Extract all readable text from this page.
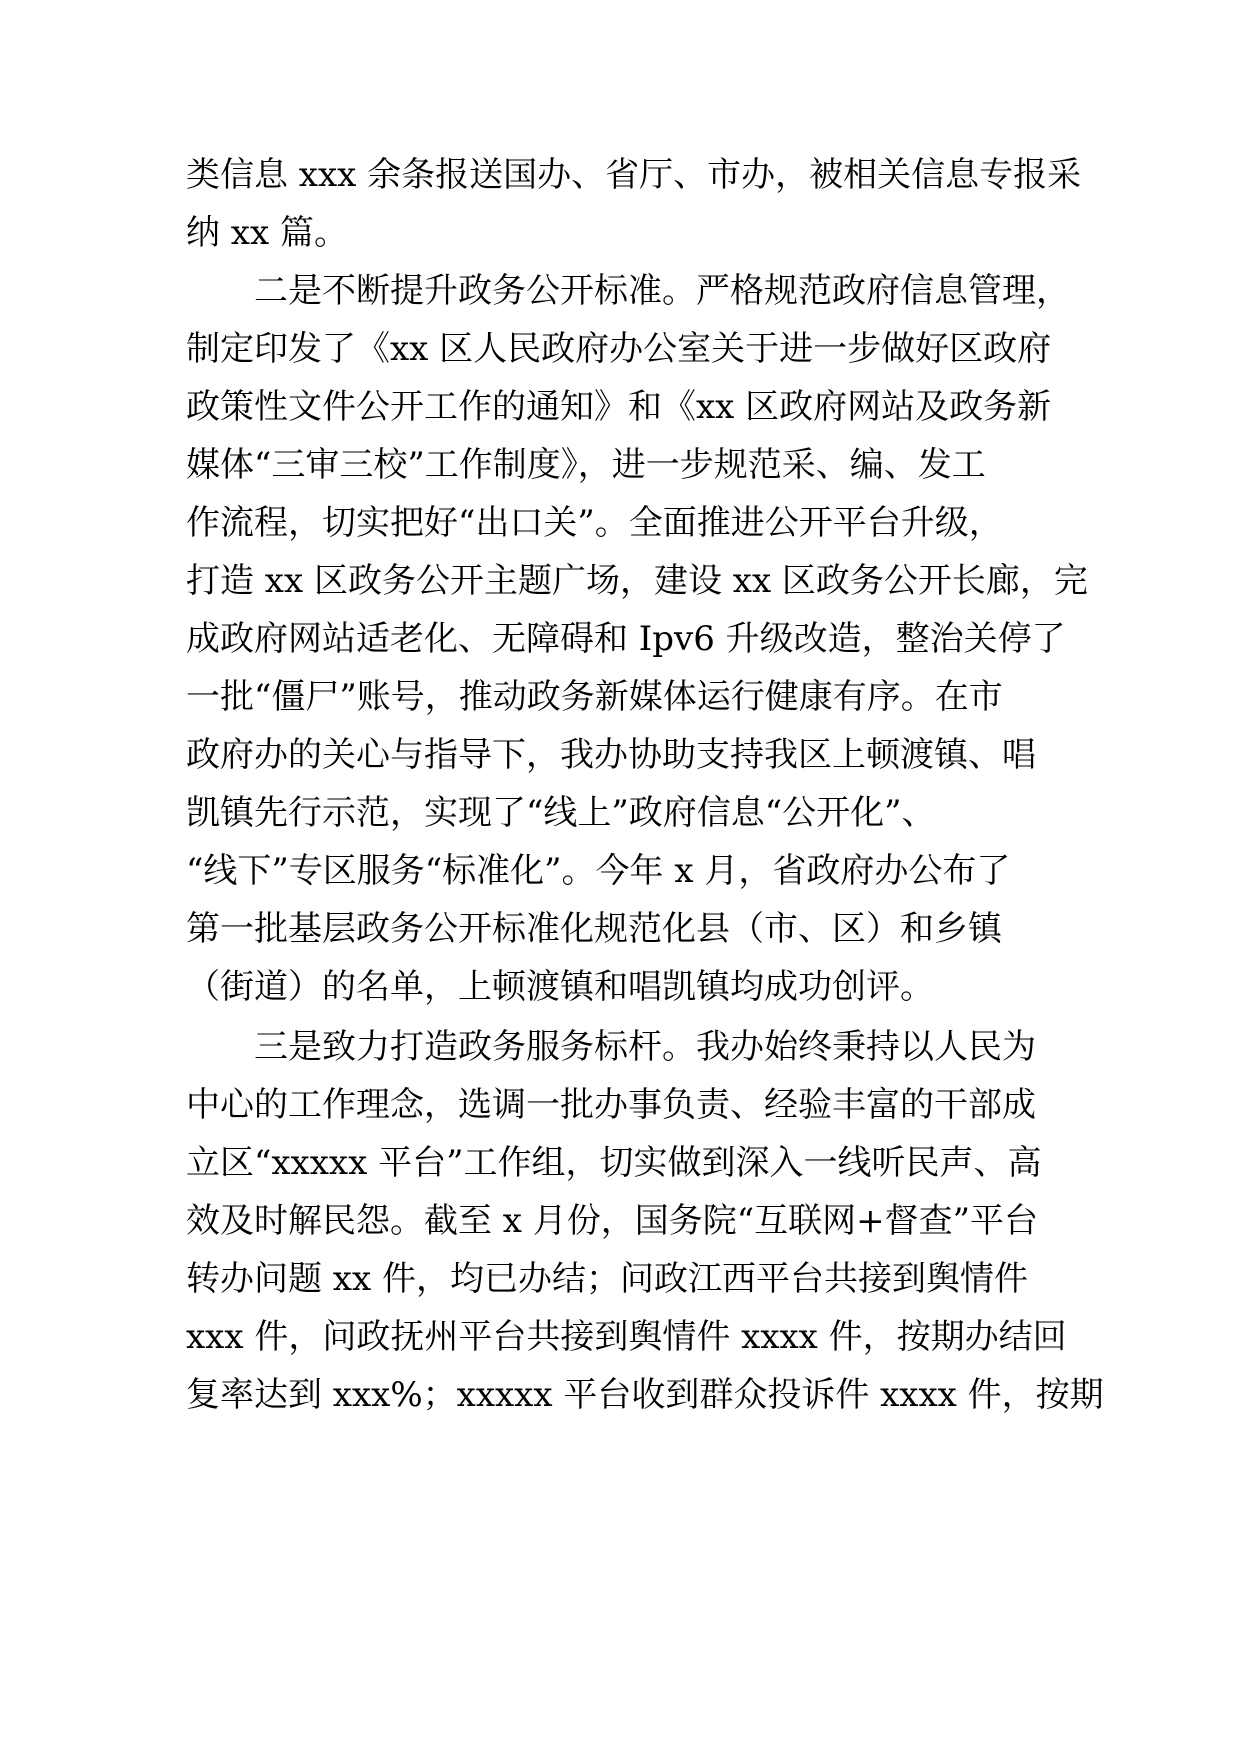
类信息 xxx 余条报送国办、省厅、市办，被相关信息专报采
纳 xx 篇。
二是不断提升政务公开标准。严格规范政府信息管理，
制定印发了《xx 区人民政府办公室关于进一步做好区政府
政策性文件公开工作的通知》和《xx 区政府网站及政务新
媒体“三审三校”工作制度》，进一步规范采、编、发工
作流程，切实把好“出口关”。全面推进公开平台升级，
打造 xx 区政务公开主题广场，建设 xx 区政务公开长廊，完
成政府网站适老化、无障碍和 Ipv6 升级改造，整治关停了
一批“僵尸”账号，推动政务新媒体运行健康有序。在市
政府办的关心与指导下，我办协助支持我区上顿渡镇、唱
凯镇先行示范，实现了“线上”政府信息“公开化”、
“线下”专区服务“标准化”。今年 x 月，省政府办公布了
第一批基层政务公开标准化规范化县（市、区）和乡镇
（街道）的名单，上顿渡镇和唱凯镇均成功创评。
三是致力打造政务服务标杆。我办始终秉持以人民为
中心的工作理念，选调一批办事负责、经验丰富的干部成
立区“xxxxx 平台”工作组，切实做到深入一线听民声、高
效及时解民怨。截至 x 月份，国务院“互联网+督查”平台
转办问题 xx 件，均已办结；问政江西平台共接到舆情件
xxx 件，问政抚州平台共接到舆情件 xxxx 件，按期办结回
复率达到 xxx%；xxxxx 平台收到群众投诉件 xxxx 件，按期
